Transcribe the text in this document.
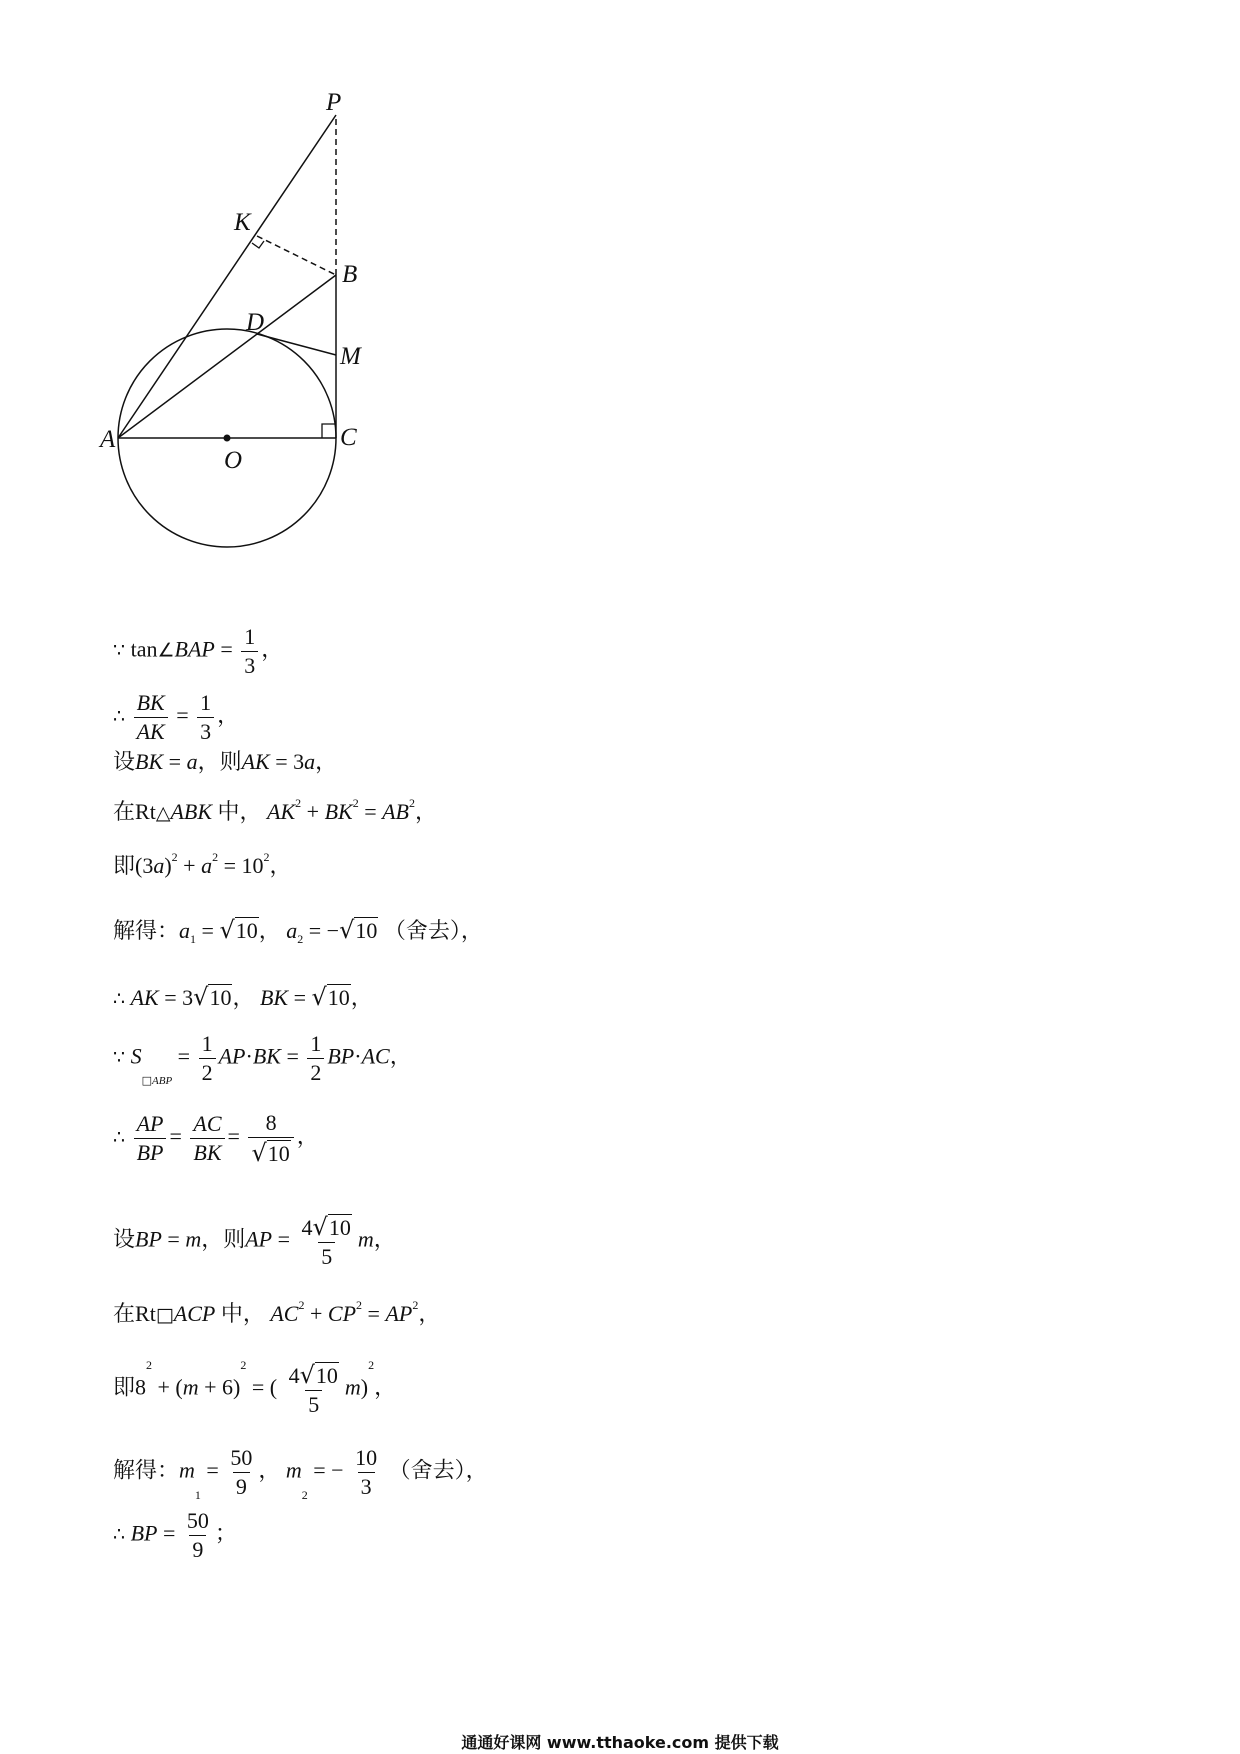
P
K
B
D
M
A
O
C
∵ tan∠BAP = $\frac{1}{3}$ ，
∴ $\frac{BK}{AK} = \frac{1}{3}$ ，
设BK = a，则AK = 3a，
在Rt△ABK 中， $AK^2 + BK^2 = AB^2$，
即$(3a)^2 + a^2 = 10^2$，
解得：$a_1 = √10$， $a_2 = -√10$ （舍去），
∴ AK = 3√10， BK = √10，
∵ $S_{□ABP} = \frac{1}{2} AP\cdot BK = \frac{1}{2} BP\cdot AC$，
∴ $\frac{AP}{BP} = \frac{AC}{BK} = \frac{8}{√10}$ ，
设BP = m，则AP = $\frac{4√10}{5}$ m，
在Rt□ACP 中， $AC^2 + CP^2 = AP^2$，
即$8^2 + (m + 6)^2$ = ( $\frac{4√10}{5} m)^2$，
解得：$m_1 = \frac{50}{9}$ ， $m_2$ = − $\frac{10}{3}$ （舍去），
∴ BP = $\frac{50}{9}$ ；
通通好课网 www.tthaoke.com 提供下载
